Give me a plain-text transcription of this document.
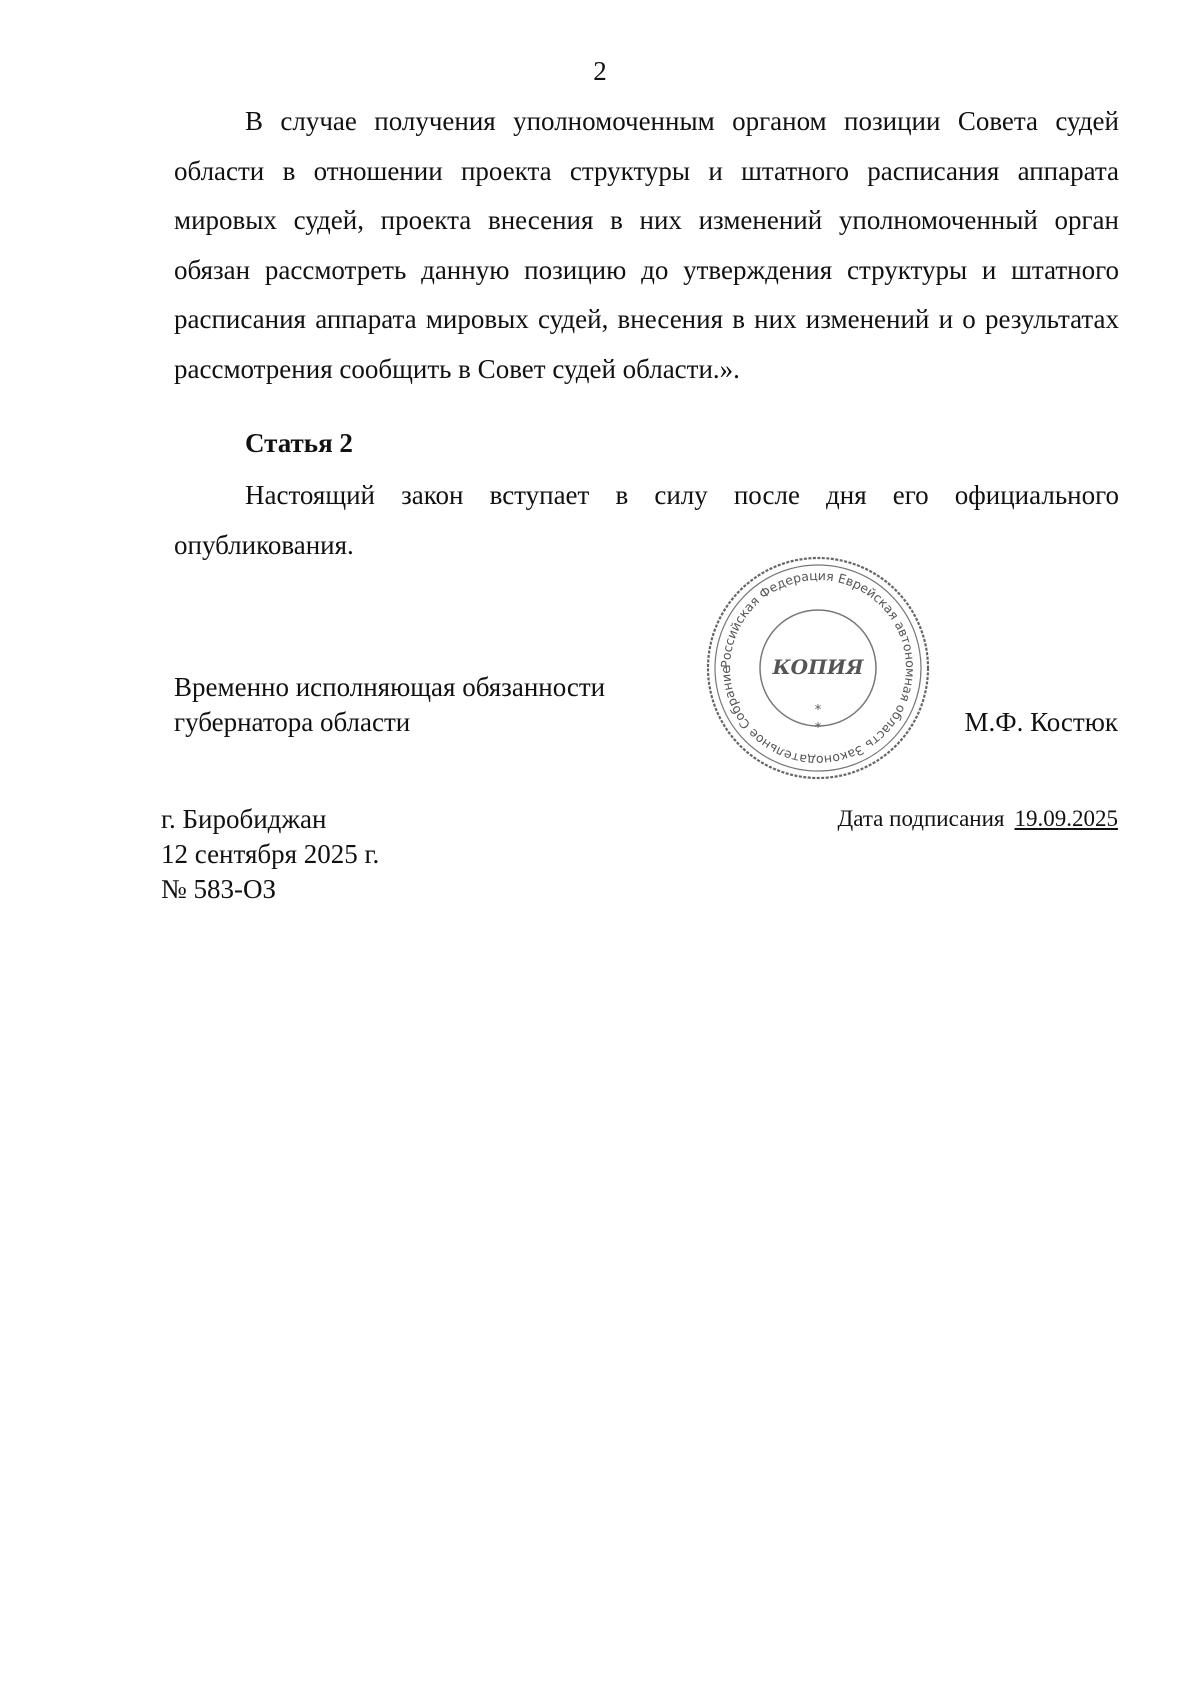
2

В случае получения уполномоченным органом позиции Совета судей области в отношении проекта структуры и штатного расписания аппарата мировых судей, проекта внесения в них изменений уполномоченный орган обязан рассмотреть данную позицию до утверждения структуры и штатного расписания аппарата мировых судей, внесения в них изменений и о результатах рассмотрения сообщить в Совет судей области.».

Статья 2

Настоящий закон вступает в силу после дня его официального опубликования.

Временно исполняющая обязанности
губернатора области
Российская Федерация Еврейская автономная область Законодательное Собрание	КОПИЯ
*
*	М.Ф. Костюк
г. Биробиджан
12 сентября 2025 г.
№ 583-ОЗ
Дата подписания 19.09.2025
